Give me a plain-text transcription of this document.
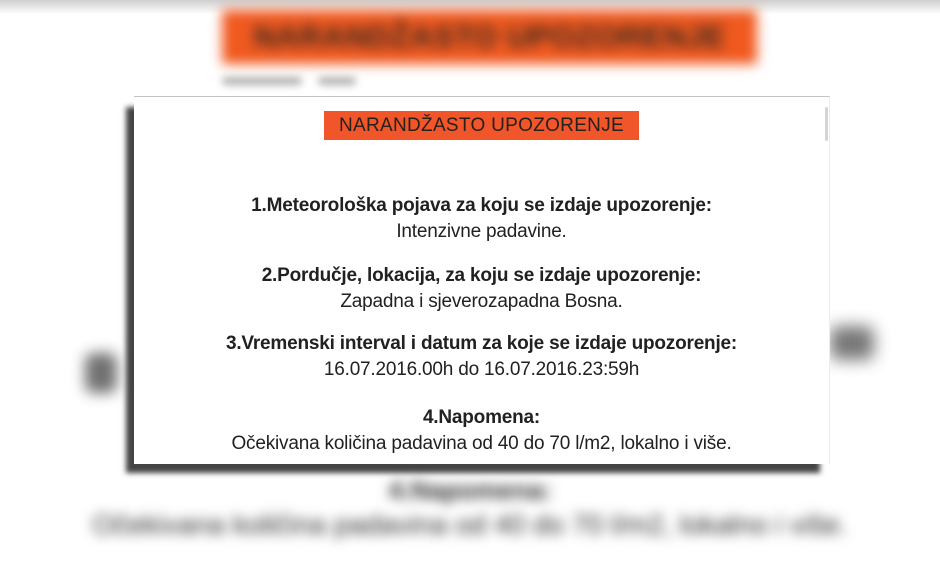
NARANDŽASTO UPOZORENJE
4.Napomena:
Očekivana količina padavina od 40 do 70 l/m2, lokalno i više.
NARANDŽASTO UPOZORENJE
1.Meteorološka pojava za koju se izdaje upozorenje:
Intenzivne padavine.
2.Pordučje, lokacija, za koju se izdaje upozorenje:
Zapadna i sjeverozapadna Bosna.
3.Vremenski interval i datum za koje se izdaje upozorenje:
16.07.2016.00h do 16.07.2016.23:59h
4.Napomena:
Očekivana količina padavina od 40 do 70 l/m2, lokalno i više.
